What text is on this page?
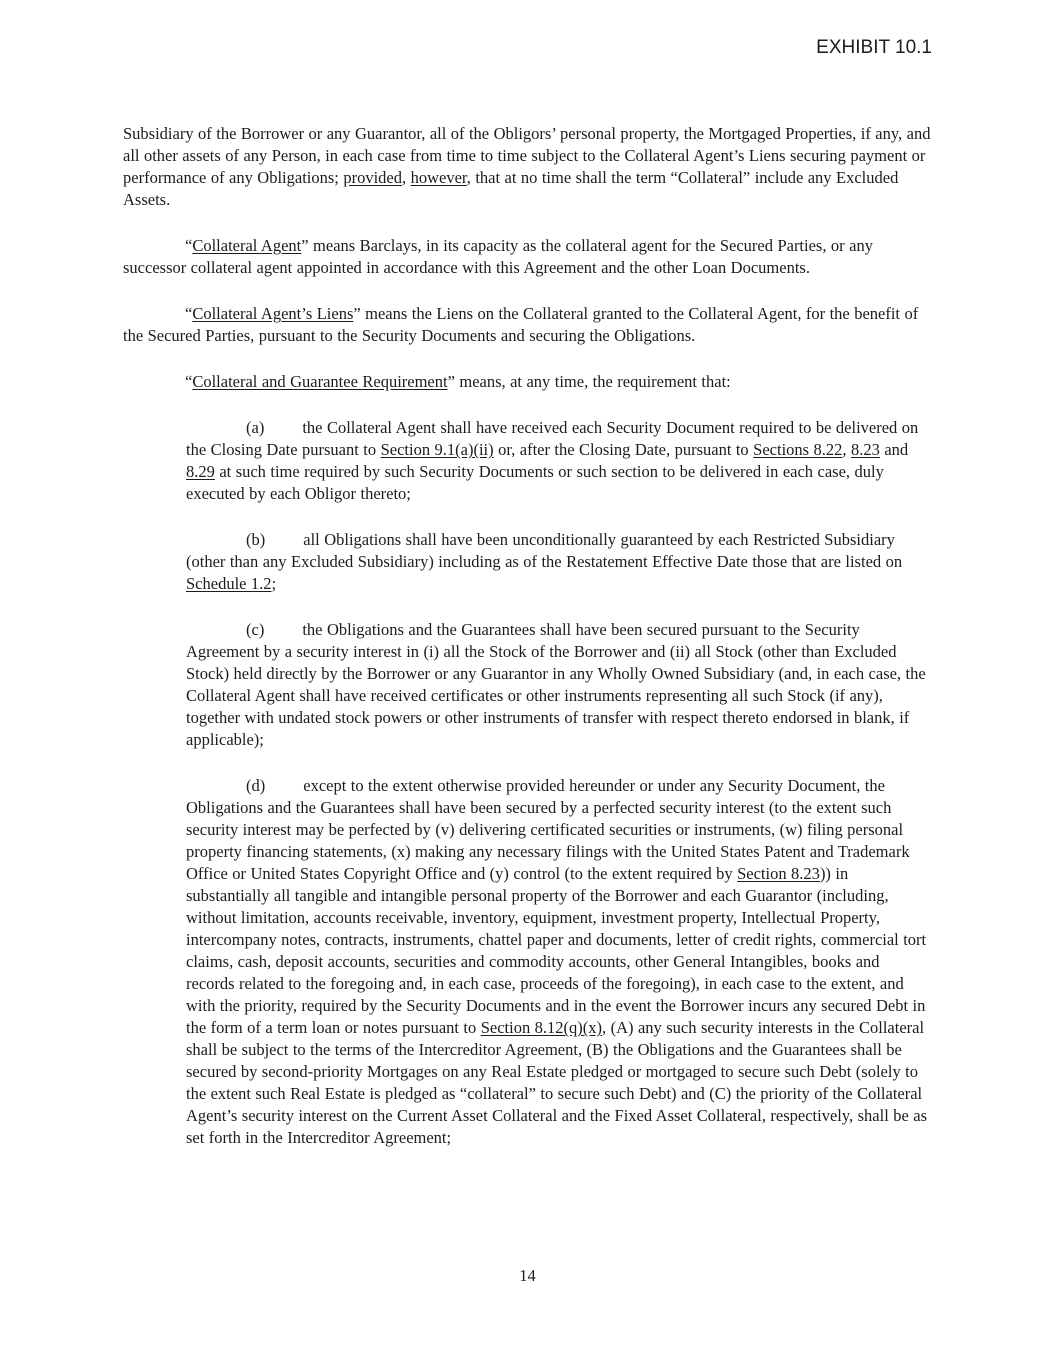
EXHIBIT 10.1

Subsidiary of the Borrower or any Guarantor, all of the Obligors’ personal property, the Mortgaged Properties, if any, and all other assets of any Person, in each case from time to time subject to the Collateral Agent’s Liens securing payment or performance of any Obligations; provided, however, that at no time shall the term “Collateral” include any Excluded Assets.

“Collateral Agent” means Barclays, in its capacity as the collateral agent for the Secured Parties, or any successor collateral agent appointed in accordance with this Agreement and the other Loan Documents.

“Collateral Agent’s Liens” means the Liens on the Collateral granted to the Collateral Agent, for the benefit of the Secured Parties, pursuant to the Security Documents and securing the Obligations.

“Collateral and Guarantee Requirement” means, at any time, the requirement that:

(a) the Collateral Agent shall have received each Security Document required to be delivered on the Closing Date pursuant to Section 9.1(a)(ii) or, after the Closing Date, pursuant to Sections 8.22, 8.23 and 8.29 at such time required by such Security Documents or such section to be delivered in each case, duly executed by each Obligor thereto;

(b) all Obligations shall have been unconditionally guaranteed by each Restricted Subsidiary (other than any Excluded Subsidiary) including as of the Restatement Effective Date those that are listed on Schedule 1.2;

(c) the Obligations and the Guarantees shall have been secured pursuant to the Security Agreement by a security interest in (i) all the Stock of the Borrower and (ii) all Stock (other than Excluded Stock) held directly by the Borrower or any Guarantor in any Wholly Owned Subsidiary (and, in each case, the Collateral Agent shall have received certificates or other instruments representing all such Stock (if any), together with undated stock powers or other instruments of transfer with respect thereto endorsed in blank, if applicable);

(d) except to the extent otherwise provided hereunder or under any Security Document, the Obligations and the Guarantees shall have been secured by a perfected security interest (to the extent such security interest may be perfected by (v) delivering certificated securities or instruments, (w) filing personal property financing statements, (x) making any necessary filings with the United States Patent and Trademark Office or United States Copyright Office and (y) control (to the extent required by Section 8.23)) in substantially all tangible and intangible personal property of the Borrower and each Guarantor (including, without limitation, accounts receivable, inventory, equipment, investment property, Intellectual Property, intercompany notes, contracts, instruments, chattel paper and documents, letter of credit rights, commercial tort claims, cash, deposit accounts, securities and commodity accounts, other General Intangibles, books and records related to the foregoing and, in each case, proceeds of the foregoing), in each case to the extent, and with the priority, required by the Security Documents and in the event the Borrower incurs any secured Debt in the form of a term loan or notes pursuant to Section 8.12(q)(x), (A) any such security interests in the Collateral shall be subject to the terms of the Intercreditor Agreement, (B) the Obligations and the Guarantees shall be secured by second-priority Mortgages on any Real Estate pledged or mortgaged to secure such Debt (solely to the extent such Real Estate is pledged as “collateral” to secure such Debt) and (C) the priority of the Collateral Agent’s security interest on the Current Asset Collateral and the Fixed Asset Collateral, respectively, shall be as set forth in the Intercreditor Agreement;

14
